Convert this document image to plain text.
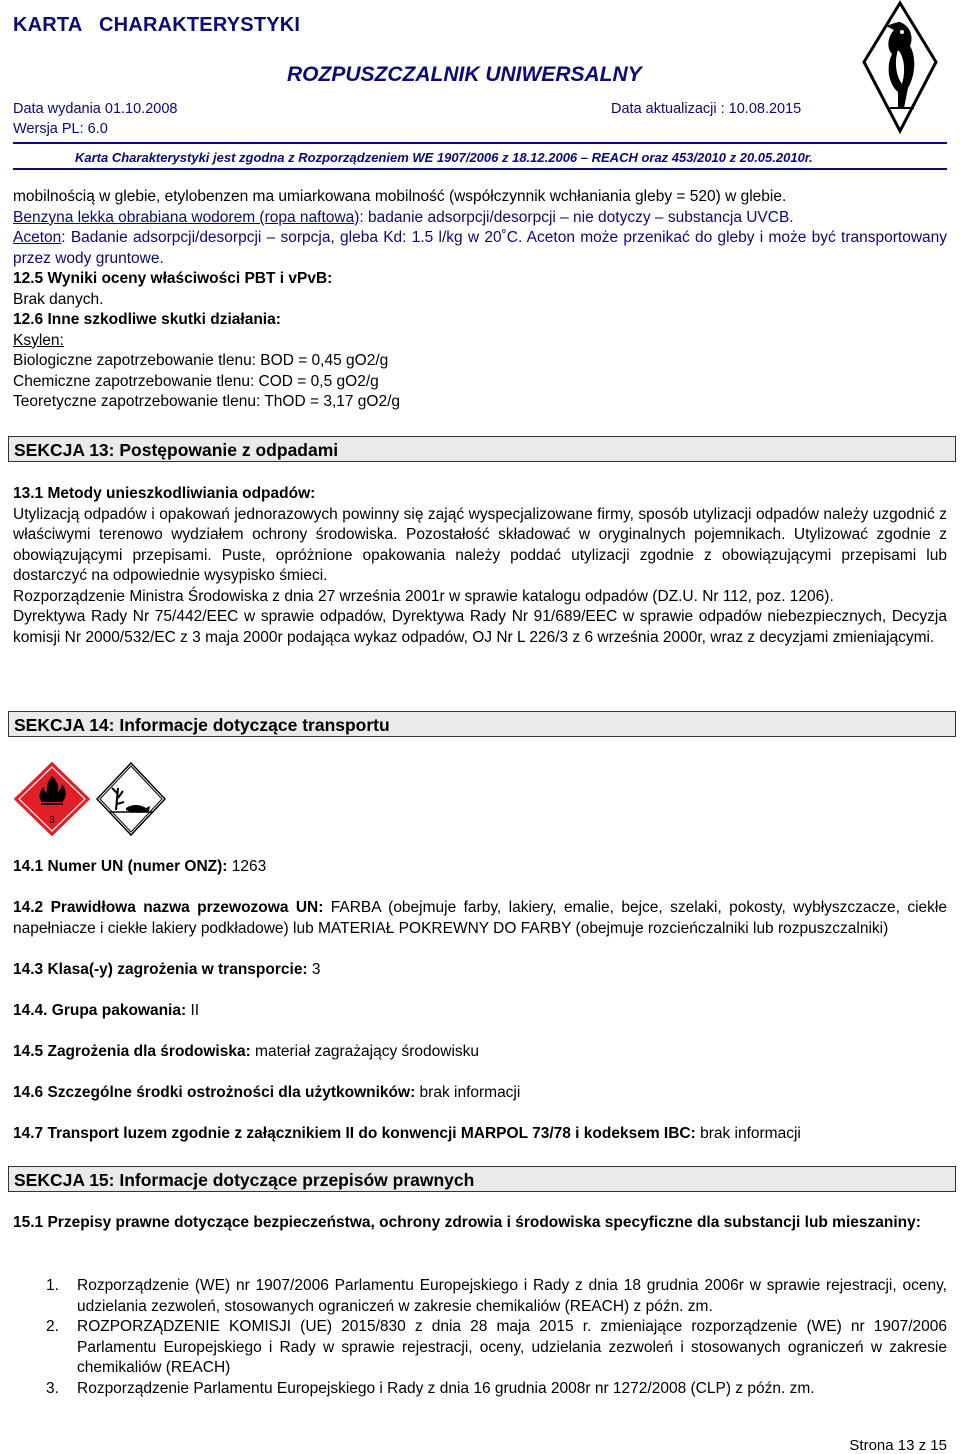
KARTA   CHARAKTERYSTYKI
ROZPUSZCZALNIK UNIWERSALNY
Data wydania 01.10.2008	Data aktualizacji : 10.08.2015
Wersja PL: 6.0
Karta Charakterystyki jest zgodna z Rozporządzeniem WE 1907/2006 z 18.12.2006 – REACH oraz 453/2010 z 20.05.2010r.

mobilnością w glebie, etylobenzen ma umiarkowana mobilność (współczynnik wchłaniania gleby = 520) w glebie.

Benzyna lekka obrabiana wodorem (ropa naftowa): badanie adsorpcji/desorpcji – nie dotyczy – substancja UVCB.

Aceton: Badanie adsorpcji/desorpcji – sorpcja, gleba Kd: 1.5 l/kg w 20˚C. Aceton może przenikać do gleby i może być transportowany przez wody gruntowe.

12.5 Wyniki oceny właściwości PBT i vPvB:

Brak danych.

12.6 Inne szkodliwe skutki działania:

Ksylen:

Biologiczne zapotrzebowanie tlenu: BOD = 0,45 gO2/g

Chemiczne zapotrzebowanie tlenu: COD = 0,5 gO2/g

Teoretyczne zapotrzebowanie tlenu: ThOD = 3,17 gO2/g

SEKCJA 13: Postępowanie z odpadami

13.1 Metody unieszkodliwiania odpadów:

Utylizacją odpadów i opakowań jednorazowych powinny się zająć wyspecjalizowane firmy, sposób utylizacji odpadów należy uzgodnić z właściwymi terenowo wydziałem ochrony środowiska. Pozostałość składować w oryginalnych pojemnikach. Utylizować zgodnie z obowiązującymi przepisami. Puste, opróżnione opakowania należy poddać utylizacji zgodnie z obowiązującymi przepisami lub dostarczyć na odpowiednie wysypisko śmieci.

Rozporządzenie Ministra Środowiska z dnia 27 września 2001r w sprawie katalogu odpadów (DZ.U. Nr 112, poz. 1206).

Dyrektywa Rady Nr 75/442/EEC w sprawie odpadów, Dyrektywa Rady Nr 91/689/EEC w sprawie odpadów niebezpiecznych, Decyzja komisji Nr 2000/532/EC z 3 maja 2000r podająca wykaz odpadów, OJ Nr L 226/3 z 6 września 2000r, wraz z decyzjami zmieniającymi.

SEKCJA 14: Informacje dotyczące transportu
3

14.1 Numer UN (numer ONZ): 1263

14.2 Prawidłowa nazwa przewozowa UN: FARBA (obejmuje farby, lakiery, emalie, bejce, szelaki, pokosty, wybłyszczacze, ciekłe napełniacze i ciekłe lakiery podkładowe) lub MATERIAŁ POKREWNY DO FARBY (obejmuje rozcieńczalniki lub rozpuszczalniki)

14.3 Klasa(-y) zagrożenia w transporcie: 3

14.4. Grupa pakowania: II

14.5 Zagrożenia dla środowiska: materiał zagrażający środowisku

14.6 Szczególne środki ostrożności dla użytkowników: brak informacji

14.7 Transport luzem zgodnie z załącznikiem II do konwencji MARPOL 73/78 i kodeksem IBC: brak informacji

SEKCJA 15: Informacje dotyczące przepisów prawnych

15.1 Przepisy prawne dotyczące bezpieczeństwa, ochrony zdrowia i środowiska specyficzne dla substancji lub mieszaniny:

1. Rozporządzenie (WE) nr 1907/2006 Parlamentu Europejskiego i Rady z dnia 18 grudnia 2006r w sprawie rejestracji, oceny, udzielania zezwoleń, stosowanych ograniczeń w zakresie chemikaliów (REACH) z późn. zm.
2. ROZPORZĄDZENIE KOMISJI (UE) 2015/830 z dnia 28 maja 2015 r. zmieniające rozporządzenie (WE) nr 1907/2006 Parlamentu Europejskiego i Rady w sprawie rejestracji, oceny, udzielania zezwoleń i stosowanych ograniczeń w zakresie chemikaliów (REACH)
3. Rozporządzenie Parlamentu Europejskiego i Rady z dnia 16 grudnia 2008r nr 1272/2008 (CLP) z późn. zm.
Strona 13 z 15
